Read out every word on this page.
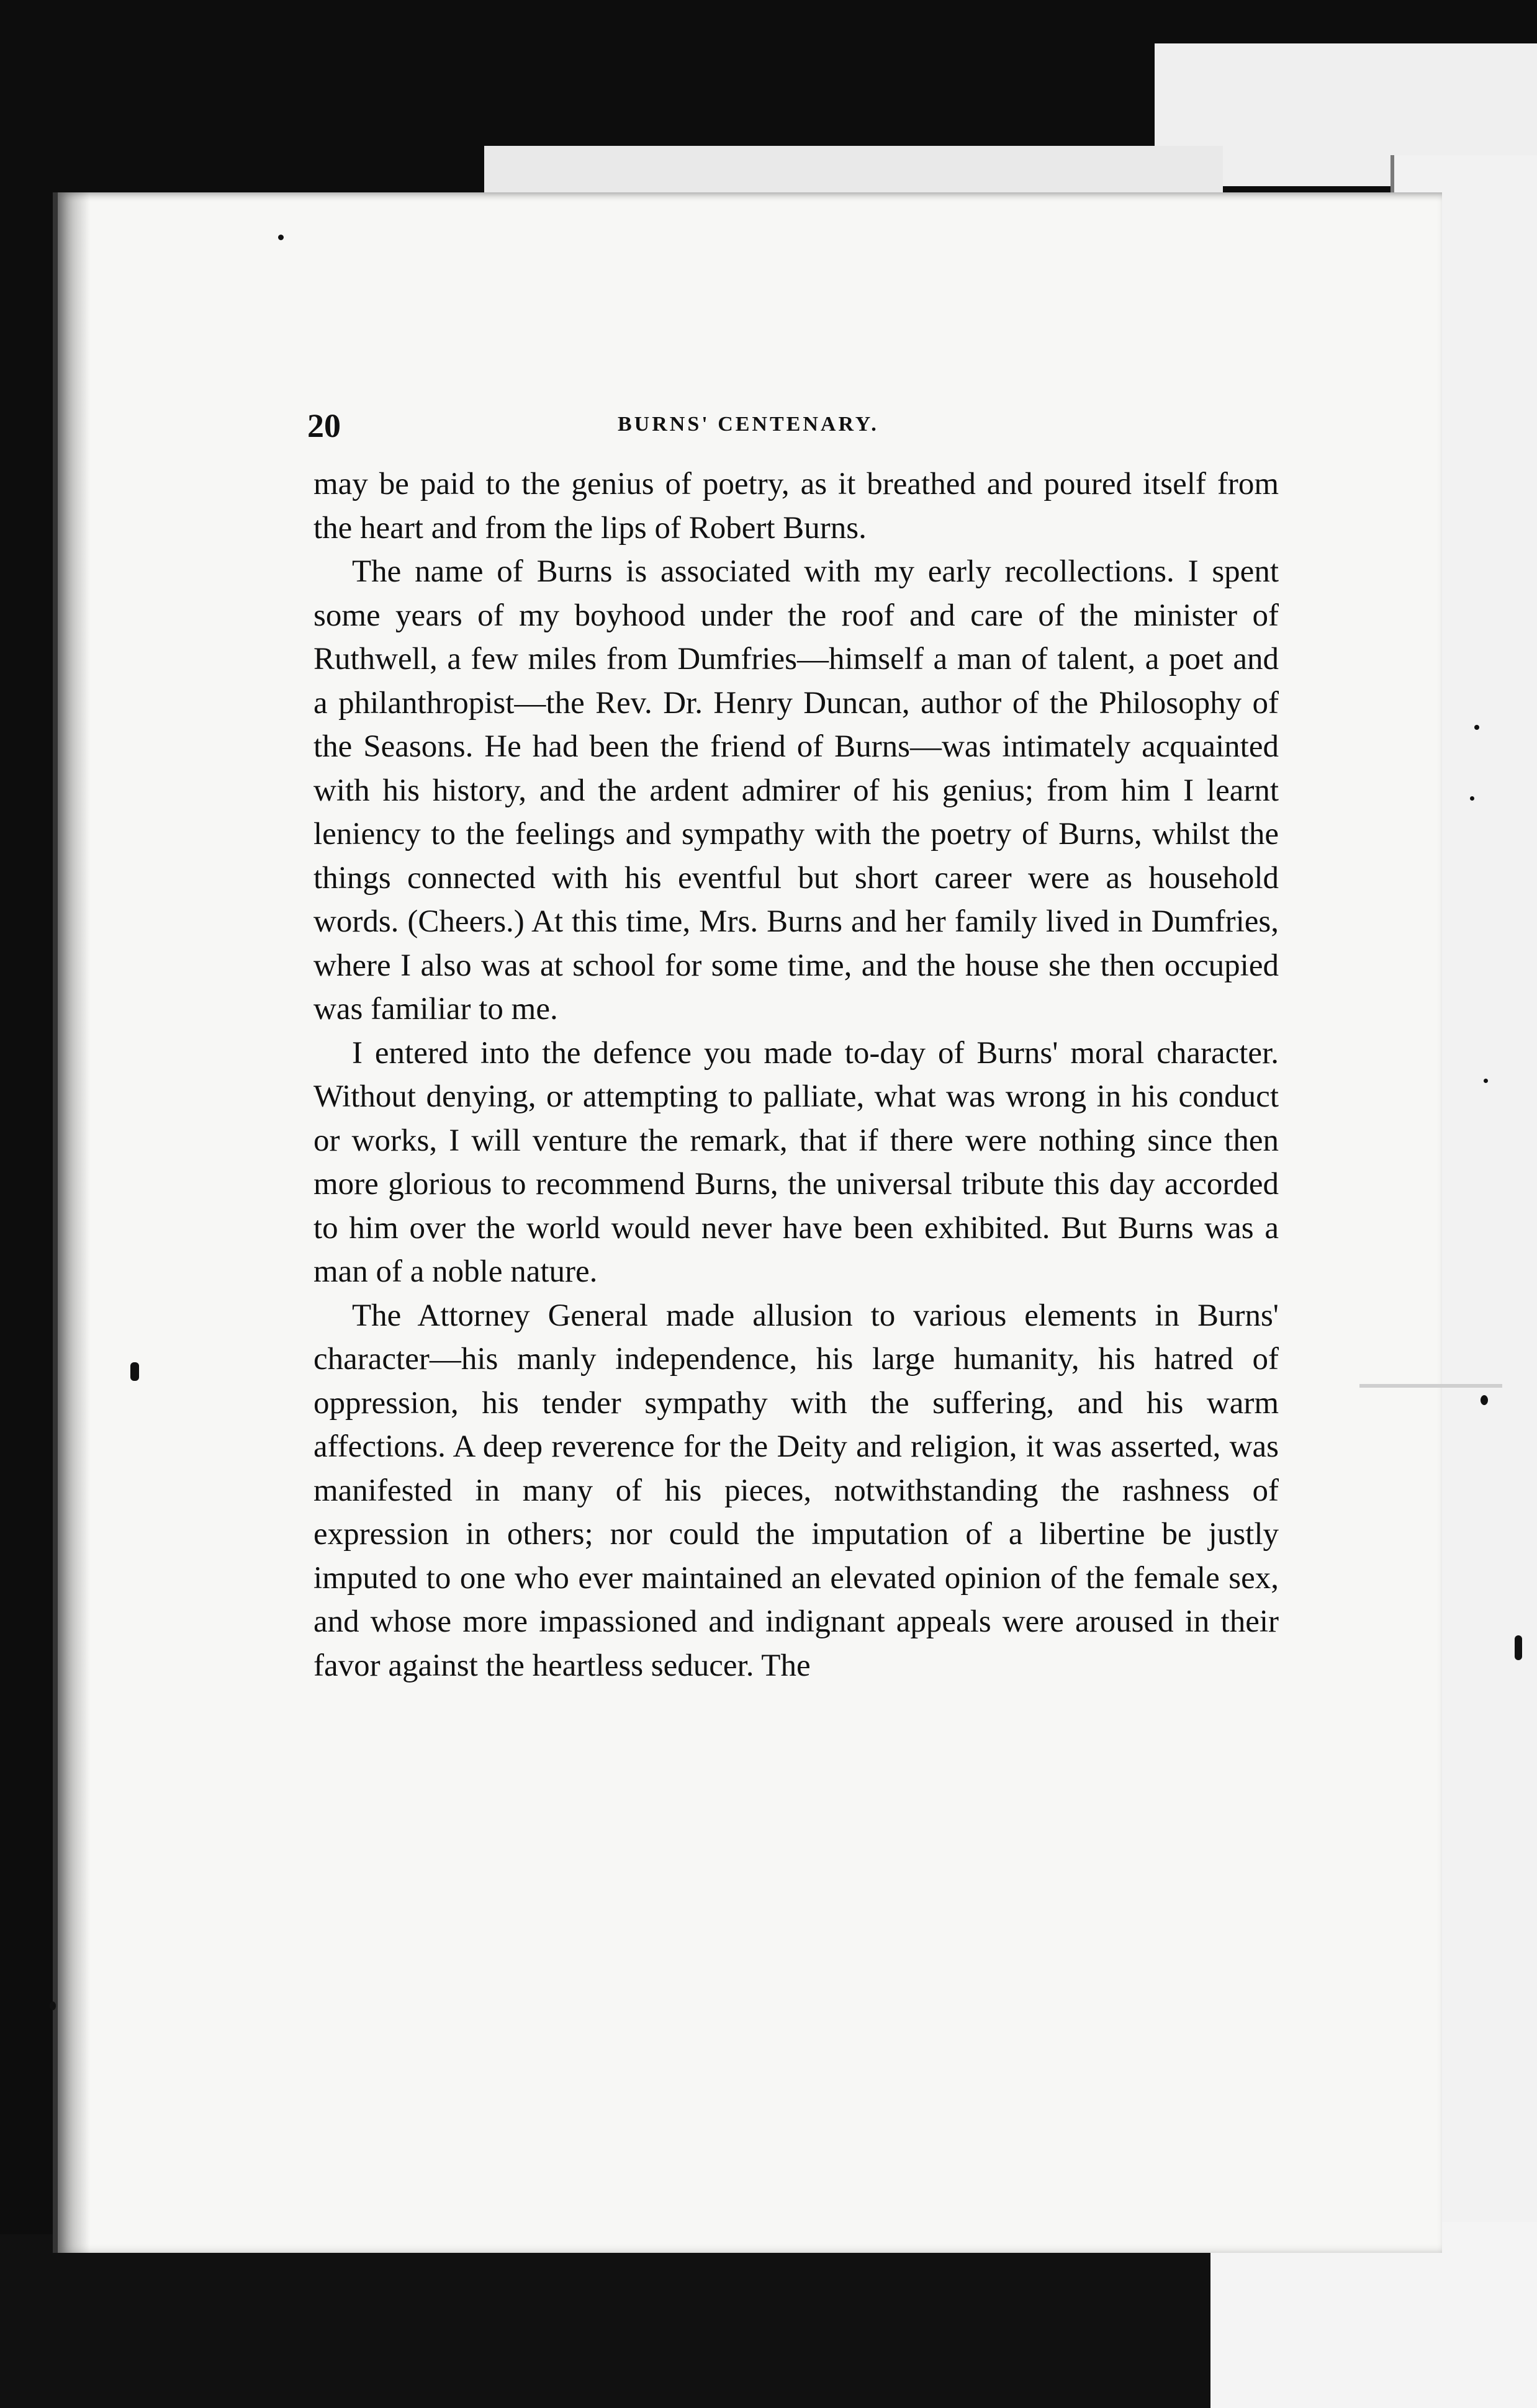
20	BURNS' CENTENARY.

may be paid to the genius of poetry, as it breathed and poured itself from the heart and from the lips of Robert Burns.

The name of Burns is associated with my early recollections. I spent some years of my boyhood under the roof and care of the minister of Ruthwell, a few miles from Dumfries—himself a man of talent, a poet and a philanthropist—the Rev. Dr. Henry Duncan, author of the Philosophy of the Seasons. He had been the friend of Burns—was intimately acquainted with his history, and the ardent admirer of his genius; from him I learnt leniency to the feelings and sympathy with the poetry of Burns, whilst the things connected with his eventful but short career were as household words. (Cheers.) At this time, Mrs. Burns and her family lived in Dumfries, where I also was at school for some time, and the house she then occupied was familiar to me.

I entered into the defence you made to-day of Burns' moral character. Without denying, or attempting to palliate, what was wrong in his conduct or works, I will venture the remark, that if there were nothing since then more glorious to recommend Burns, the universal tribute this day accorded to him over the world would never have been exhibited. But Burns was a man of a noble nature.

The Attorney General made allusion to various elements in Burns' character—his manly independence, his large humanity, his hatred of oppression, his tender sympathy with the suffering, and his warm affections. A deep reverence for the Deity and religion, it was asserted, was manifested in many of his pieces, notwithstanding the rashness of expression in others; nor could the imputation of a libertine be justly imputed to one who ever maintained an elevated opinion of the female sex, and whose more impassioned and indignant appeals were aroused in their favor against the heartless seducer. The
